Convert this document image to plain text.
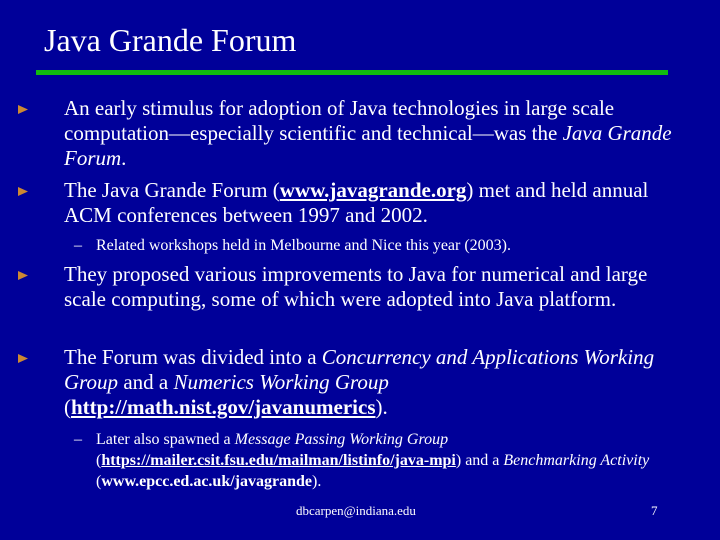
Java Grande Forum
An early stimulus for adoption of Java technologies in large scale computation—especially scientific and technical—was the Java Grande Forum.
The Java Grande Forum (www.javagrande.org) met and held annual ACM conferences between 1997 and 2002.
– Related workshops held in Melbourne and Nice this year (2003).
They proposed various improvements to Java for numerical and large scale computing, some of which were adopted into Java platform.
The Forum was divided into a Concurrency and Applications Working Group and a Numerics Working Group (http://math.nist.gov/javanumerics).
– Later also spawned a Message Passing Working Group (https://mailer.csit.fsu.edu/mailman/listinfo/java-mpi) and a Benchmarking Activity (www.epcc.ed.ac.uk/javagrande).
dbcarpen@indiana.edu	7
